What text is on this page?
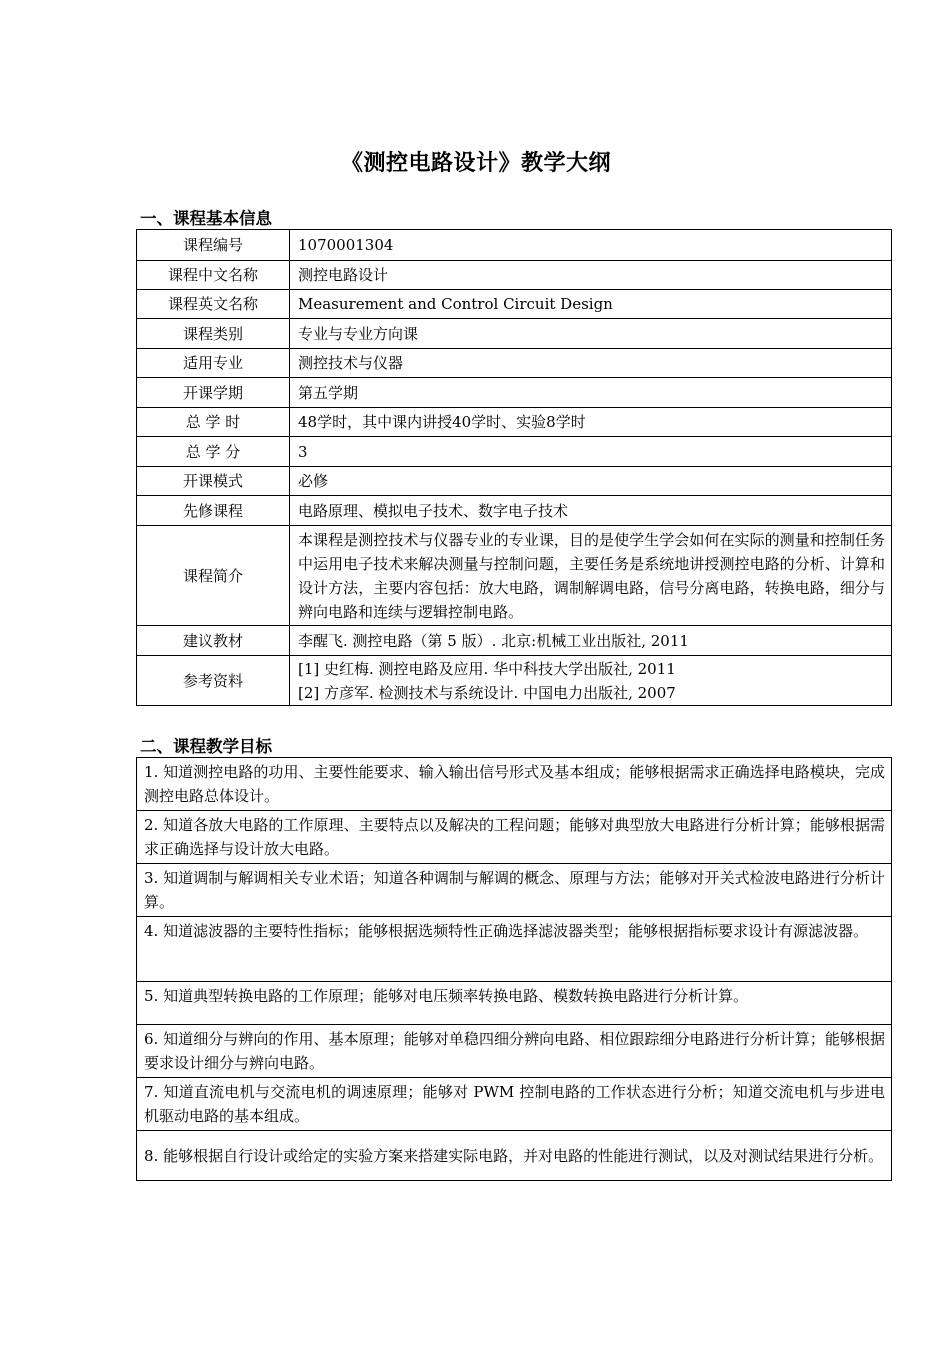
《测控电路设计》教学大纲
一、课程基本信息
课程编号	1070001304
课程中文名称	测控电路设计
课程英文名称	Measurement and Control Circuit Design
课程类别	专业与专业方向课
适用专业	测控技术与仪器
开课学期	第五学期
总 学 时	48学时，其中课内讲授40学时、实验8学时
总 学 分	3
开课模式	必修
先修课程	电路原理、模拟电子技术、数字电子技术
课程简介	本课程是测控技术与仪器专业的专业课，目的是使学生学会如何在实际的测量和控制任务中运用电子技术来解决测量与控制问题，主要任务是系统地讲授测控电路的分析、计算和设计方法，主要内容包括：放大电路，调制解调电路，信号分离电路，转换电路，细分与辨向电路和连续与逻辑控制电路。
建议教材	李醒飞. 测控电路（第 5 版）. 北京:机械工业出版社, 2011
参考资料	[1] 史红梅. 测控电路及应用. 华中科技大学出版社, 2011
[2] 方彦军. 检测技术与系统设计. 中国电力出版社, 2007
二、课程教学目标
1. 知道测控电路的功用、主要性能要求、输入输出信号形式及基本组成；能够根据需求正确选择电路模块，完成测控电路总体设计。
2. 知道各放大电路的工作原理、主要特点以及解决的工程问题；能够对典型放大电路进行分析计算；能够根据需求正确选择与设计放大电路。
3. 知道调制与解调相关专业术语；知道各种调制与解调的概念、原理与方法；能够对开关式检波电路进行分析计算。
4. 知道滤波器的主要特性指标；能够根据选频特性正确选择滤波器类型；能够根据指标要求设计有源滤波器。
5. 知道典型转换电路的工作原理；能够对电压频率转换电路、模数转换电路进行分析计算。
6. 知道细分与辨向的作用、基本原理；能够对单稳四细分辨向电路、相位跟踪细分电路进行分析计算；能够根据要求设计细分与辨向电路。
7. 知道直流电机与交流电机的调速原理；能够对 PWM 控制电路的工作状态进行分析；知道交流电机与步进电机驱动电路的基本组成。
8. 能够根据自行设计或给定的实验方案来搭建实际电路，并对电路的性能进行测试，以及对测试结果进行分析。
